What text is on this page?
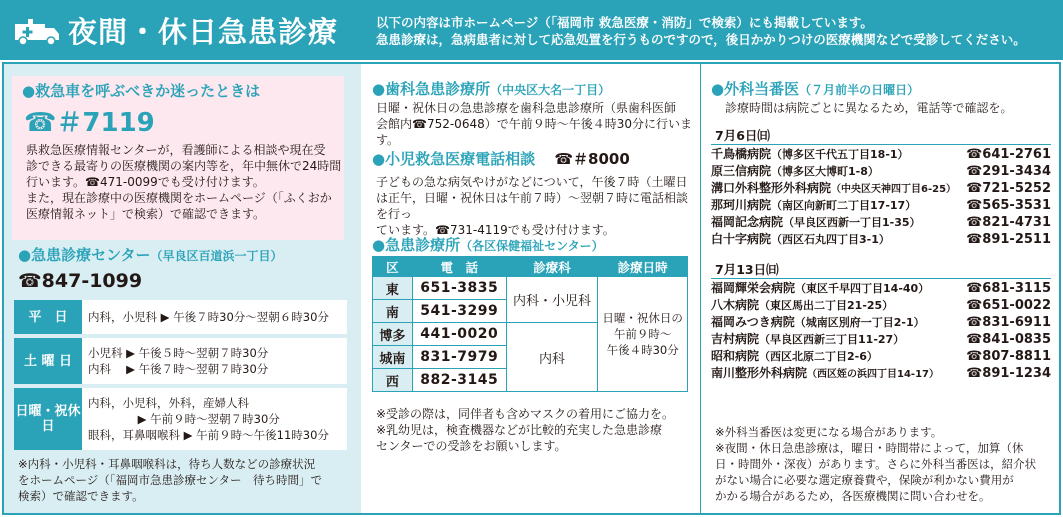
夜間・休日急患診療	以下の内容は市ホームページ（「福岡市 救急医療・消防」で検索）にも掲載しています。
急患診療は，急病患者に対して応急処置を行うものですので，後日かかりつけの医療機関などで受診してください。
●救急車を呼ぶべきか迷ったときは
☎＃7119
県救急医療情報センターが，看護師による相談や現在受
診できる最寄りの医療機関の案内等を，年中無休で24時間
行います。☎471-0099でも受け付けます。
また，現在診療中の医療機関をホームページ（「ふくおか
医療情報ネット」で検索）で確認できます。
●急患診療センター（早良区百道浜一丁目）
☎847-1099
平　日	内科，小児科 ▶ 午後７時30分～翌朝６時30分
土 曜 日
小児科 ▶ 午後５時～翌朝７時30分
内科　 ▶ 午後７時～翌朝７時30分
日曜・祝休日
内科，小児科，外科，産婦人科
　　　　 ▶ 午前９時～翌朝７時30分
眼科，耳鼻咽喉科 ▶ 午前９時～午後11時30分
※内科・小児科・耳鼻咽喉科は，待ち人数などの診療状況
をホームページ（「福岡市急患診療センター　待ち時間」で
検索）で確認できます。
●歯科急患診療所（中央区大名一丁目）
日曜・祝休日の急患診療を歯科急患診療所（県歯科医師
会館内☎752-0648）で午前９時～午後４時30分に行います。
●小児救急医療電話相談 ☎＃8000
子どもの急な病気やけがなどについて，午後７時（土曜日
は正午，日曜・祝休日は午前７時）～翌朝７時に電話相談を行っ
ています。☎731-4119でも受け付けます。
●急患診療所（各区保健福祉センター）
区	電　話	診療科	診療日時
東	651-3835	内科・小児科	日曜・祝休日の
午前９時～
午後４時30分

南	541-3299		
博多	441-0020	内科	
城南	831-7979		
西	882-3145		
※受診の際は，同伴者も含めマスクの着用にご協力を。
※乳幼児は，検査機器などが比較的充実した急患診療
センターでの受診をお願いします。
●外科当番医（７月前半の日曜日）
診療時間は病院ごとに異なるため，電話等で確認を。
7月6日㈰
千鳥橋病院（博多区千代五丁目18-1）	☎641-2761
原三信病院（博多区大博町1-8）	☎291-3434
溝口外科整形外科病院（中央区天神四丁目6-25） ☎721-5252
那珂川病院（南区向新町二丁目17-17）	☎565-3531
福岡記念病院（早良区西新一丁目1-35）	☎821-4731
白十字病院（西区石丸四丁目3-1）	☎891-2511
7月13日㈰
福岡輝栄会病院（東区千早四丁目14-40）	☎681-3115
八木病院（東区馬出二丁目21-25）	☎651-0022
福岡みつき病院（城南区別府一丁目2-1）	☎831-6911
吉村病院（早良区西新三丁目11-27）	☎841-0835
昭和病院（西区北原二丁目2-6）	☎807-8811
南川整形外科病院（西区姪の浜四丁目14-17） ☎891-1234
※外科当番医は変更になる場合があります。
※夜間・休日急患診療は，曜日・時間帯によって，加算（休
日・時間外・深夜）があります。さらに外科当番医は，紹介状
がない場合に必要な選定療養費や，保険が利かない費用が
かかる場合があるため，各医療機関に問い合わせを。
